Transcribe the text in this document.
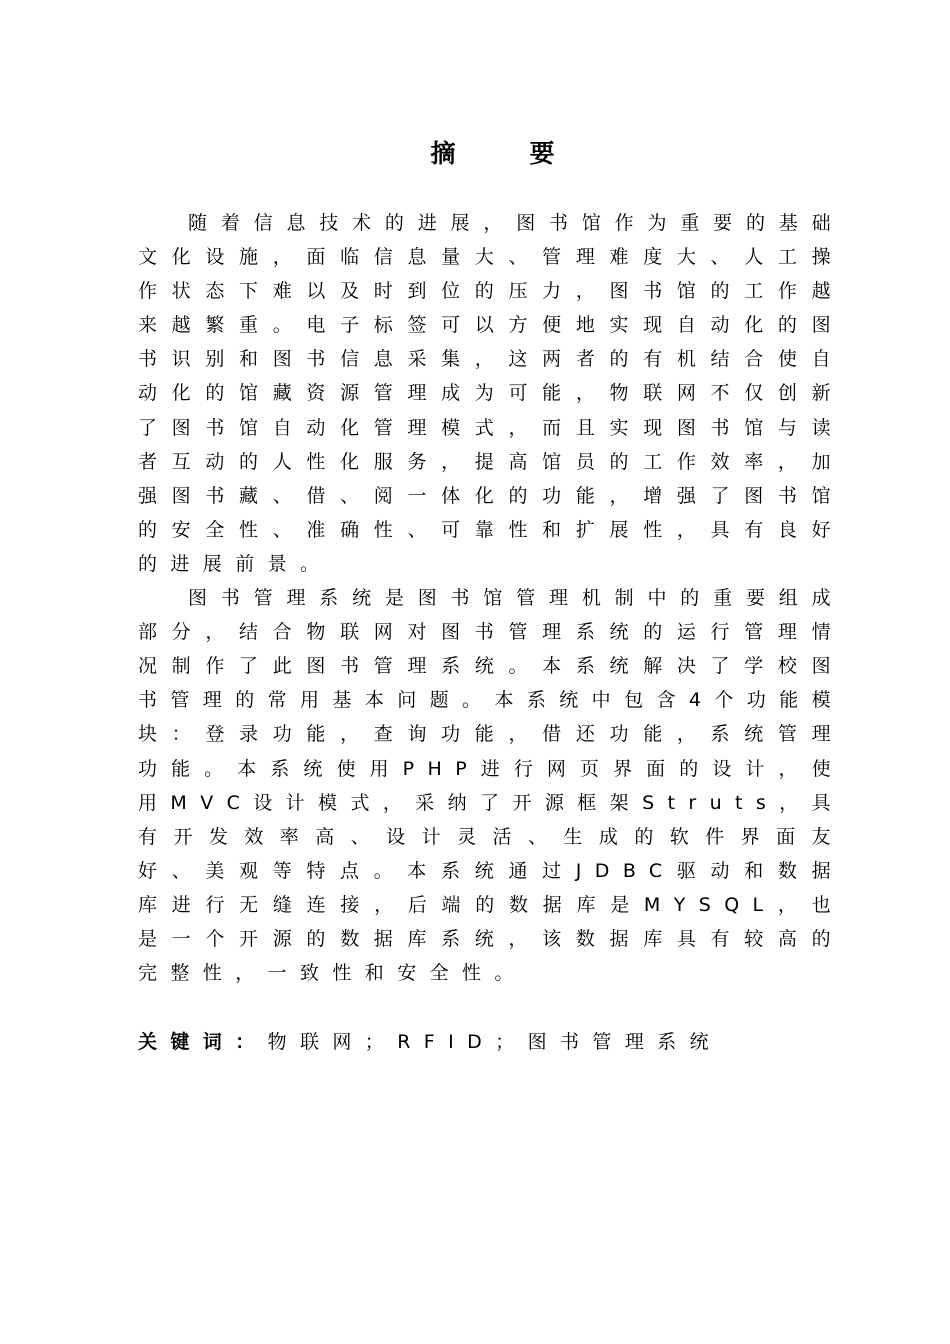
摘	要

随着信息技术的进展，图书馆作为重要的基础文化设施，面临信息量大、管理难度大、人工操作状态下难以及时到位的压力，图书馆的工作越来越繁重。电子标签可以方便地实现自动化的图书识别和图书信息采集，这两者的有机结合使自动化的馆藏资源管理成为可能，物联网不仅创新了图书馆自动化管理模式，而且实现图书馆与读者互动的人性化服务，提高馆员的工作效率，加强图书藏、借、阅一体化的功能，增强了图书馆的安全性、准确性、可靠性和扩展性，具有良好的进展前景。

图书管理系统是图书馆管理机制中的重要组成部分，结合物联网对图书管理系统的运行管理情况制作了此图书管理系统。本系统解决了学校图书管理的常用基本问题。本系统中包含4个功能模块：登录功能，查询功能，借还功能，系统管理功能。本系统使用PHP进行网页界面的设计，使用MVC设计模式，采纳了开源框架Struts，具有开发效率高、设计灵活、生成的软件界面友好、美观等特点。本系统通过JDBC驱动和数据库进行无缝连接，后端的数据库是MYSQL，也是一个开源的数据库系统，该数据库具有较高的完整性，一致性和安全性。

关键词：物联网；RFID；图书管理系统
